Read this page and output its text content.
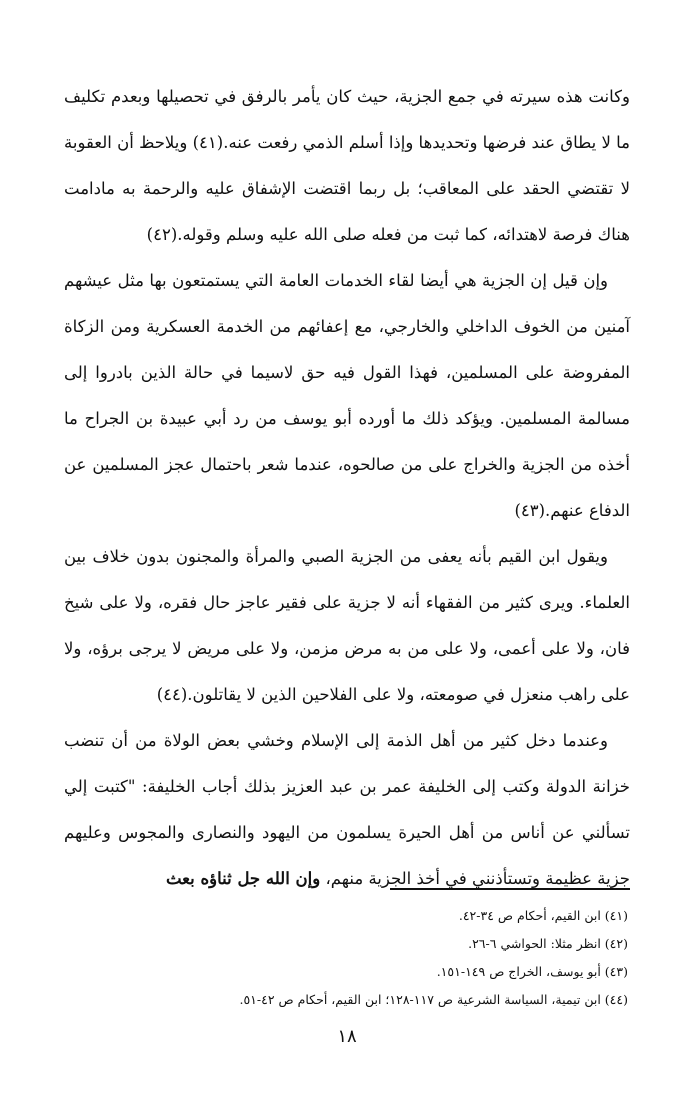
وكانت هذه سيرته في جمع الجزية، حيث كان يأمر بالرفق في تحصيلها وبعدم تكليف ما لا يطاق عند فرضها وتحديدها وإذا أسلم الذمي رفعت عنه.(٤١) ويلاحظ أن العقوبة لا تقتضي الحقد على المعاقب؛ بل ربما اقتضت الإشفاق عليه والرحمة به مادامت هناك فرصة لاهتدائه، كما ثبت من فعله صلى الله عليه وسلم وقوله.(٤٢)

وإن قيل إن الجزية هي أيضا لقاء الخدمات العامة التي يستمتعون بها مثل عيشهم آمنين من الخوف الداخلي والخارجي، مع إعفائهم من الخدمة العسكرية ومن الزكاة المفروضة على المسلمين، فهذا القول فيه حق لاسيما في حالة الذين بادروا إلى مسالمة المسلمين. ويؤكد ذلك ما أورده أبو يوسف من رد أبي عبيدة بن الجراح ما أخذه من الجزية والخراج على من صالحوه، عندما شعر باحتمال عجز المسلمين عن الدفاع عنهم.(٤٣)

ويقول ابن القيم بأنه يعفى من الجزية الصبي والمرأة والمجنون بدون خلاف بين العلماء. ويرى كثير من الفقهاء أنه لا جزية على فقير عاجز حال فقره، ولا على شيخ فان، ولا على أعمى، ولا على من به مرض مزمن، ولا على مريض لا يرجى برؤه، ولا على راهب منعزل في صومعته، ولا على الفلاحين الذين لا يقاتلون.(٤٤)

وعندما دخل كثير من أهل الذمة إلى الإسلام وخشي بعض الولاة من أن تنضب خزانة الدولة وكتب إلى الخليفة عمر بن عبد العزيز بذلك أجاب الخليفة: "كتبت إلي تسألني عن أناس من أهل الحيرة يسلمون من اليهود والنصارى والمجوس وعليهم جزية عظيمة وتستأذنني في أخذ الجزية منهم، وإن الله جل ثناؤه بعث

(٤١) ابن القيم، أحكام ص ٣٤-٤٢.
(٤٢) انظر مثلا: الحواشي ٦-٢٦.
(٤٣) أبو يوسف، الخراج ص ١٤٩-١٥١.
(٤٤) ابن تيمية، السياسة الشرعية ص ١١٧-١٢٨؛ ابن القيم، أحكام ص ٤٢-٥١.
١٨
